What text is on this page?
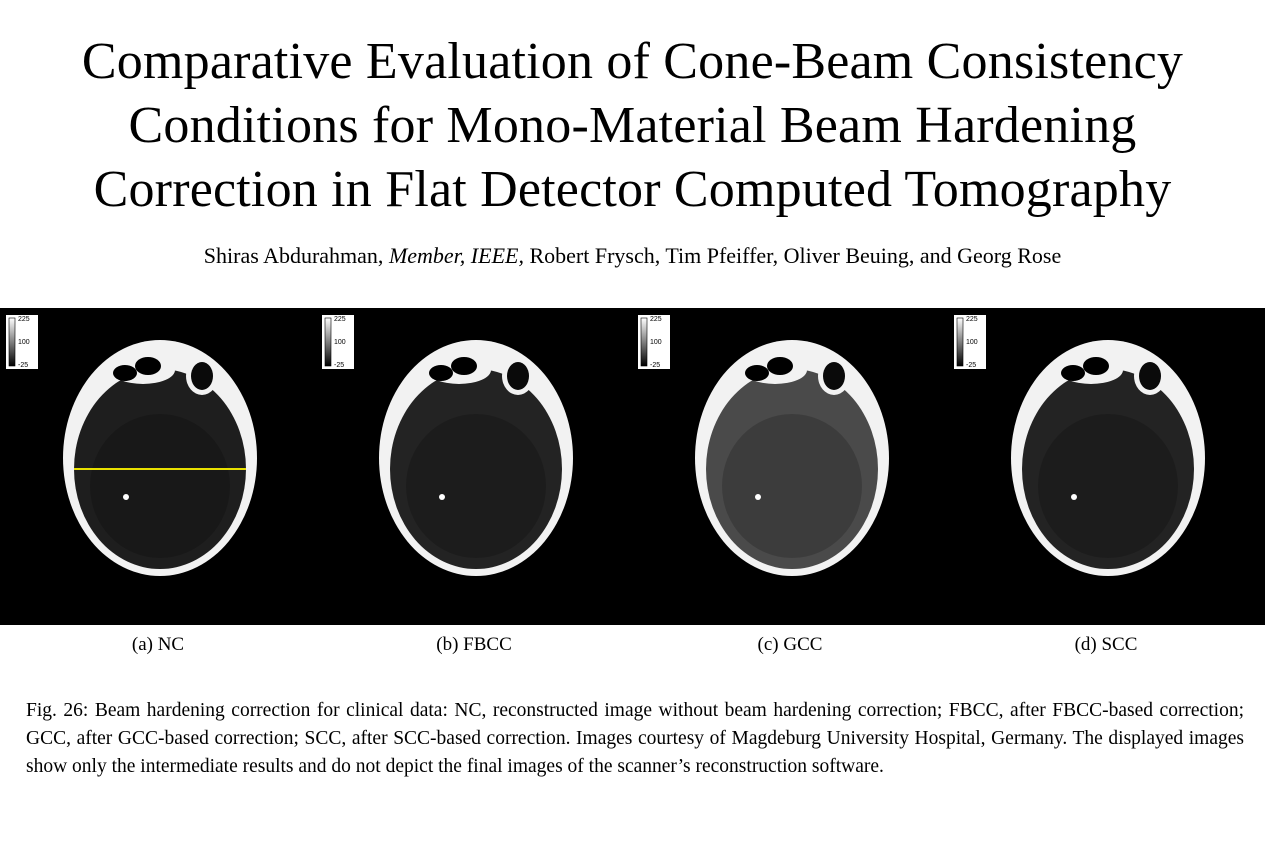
Comparative Evaluation of Cone-Beam Consistency
Conditions for Mono-Material Beam Hardening
Correction in Flat Detector Computed Tomography
Shiras Abdurahman, Member, IEEE, Robert Frysch, Tim Pfeiffer, Oliver Beuing, and Georg Rose
225
100
-25
225
100
-25
225
100
-25
225
100
-25
(a) NC	(b) FBCC	(c) GCC	(d) SCC
Fig. 26: Beam hardening correction for clinical data: NC, reconstructed image without beam hardening correction; FBCC, after FBCC-based correction; GCC, after GCC-based correction; SCC, after SCC-based correction. Images courtesy of Magdeburg University Hospital, Germany. The displayed images show only the intermediate results and do not depict the final images of the scanner’s reconstruction software.
